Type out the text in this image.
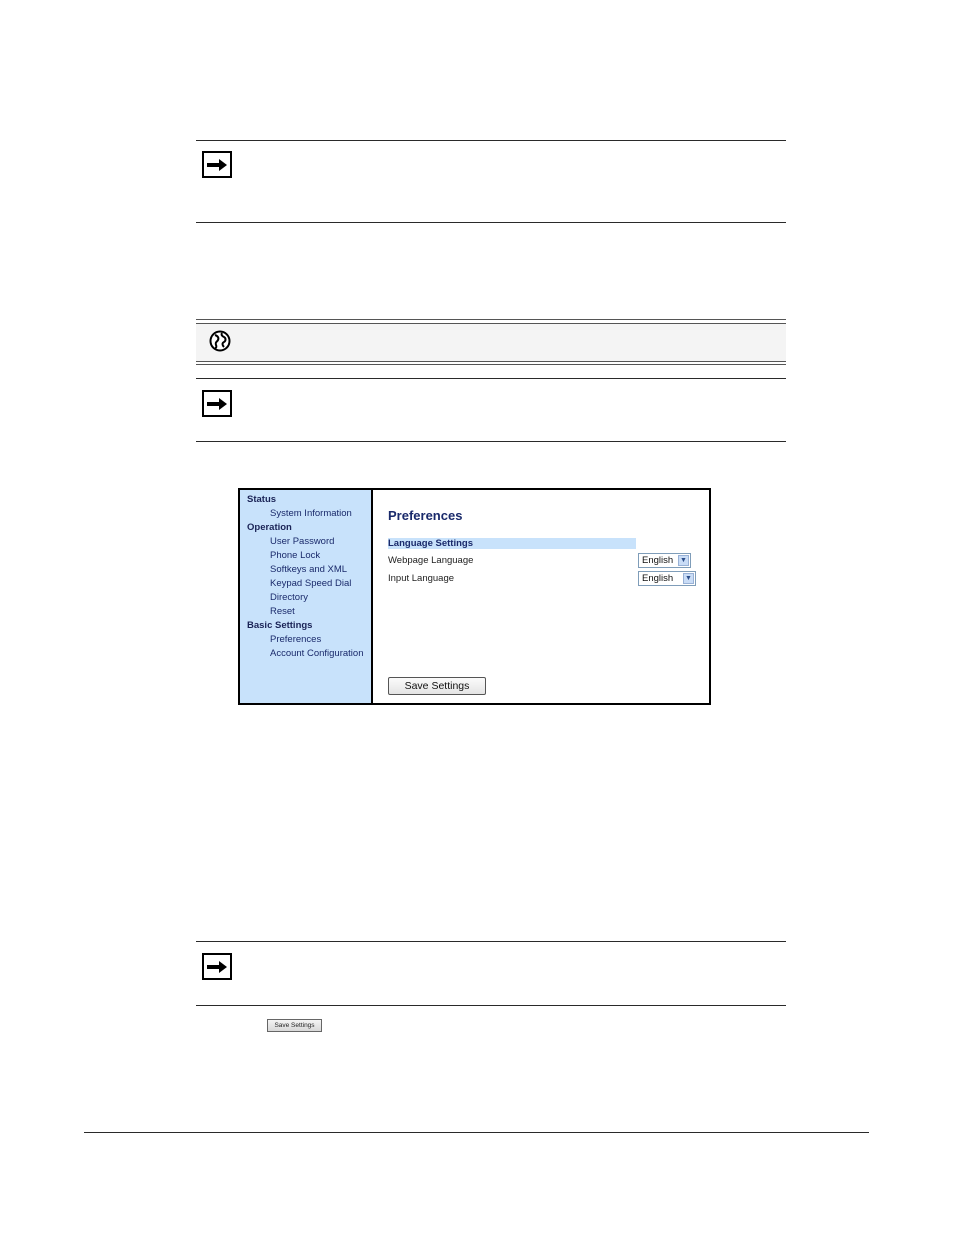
Status
System Information
Operation
User Password
Phone Lock
Softkeys and XML
Keypad Speed Dial
Directory
Reset
Basic Settings
Preferences
Account Configuration
Preferences
Language Settings
Webpage Language	English ▼
Input Language	English ▼
Save Settings
Save Settings
